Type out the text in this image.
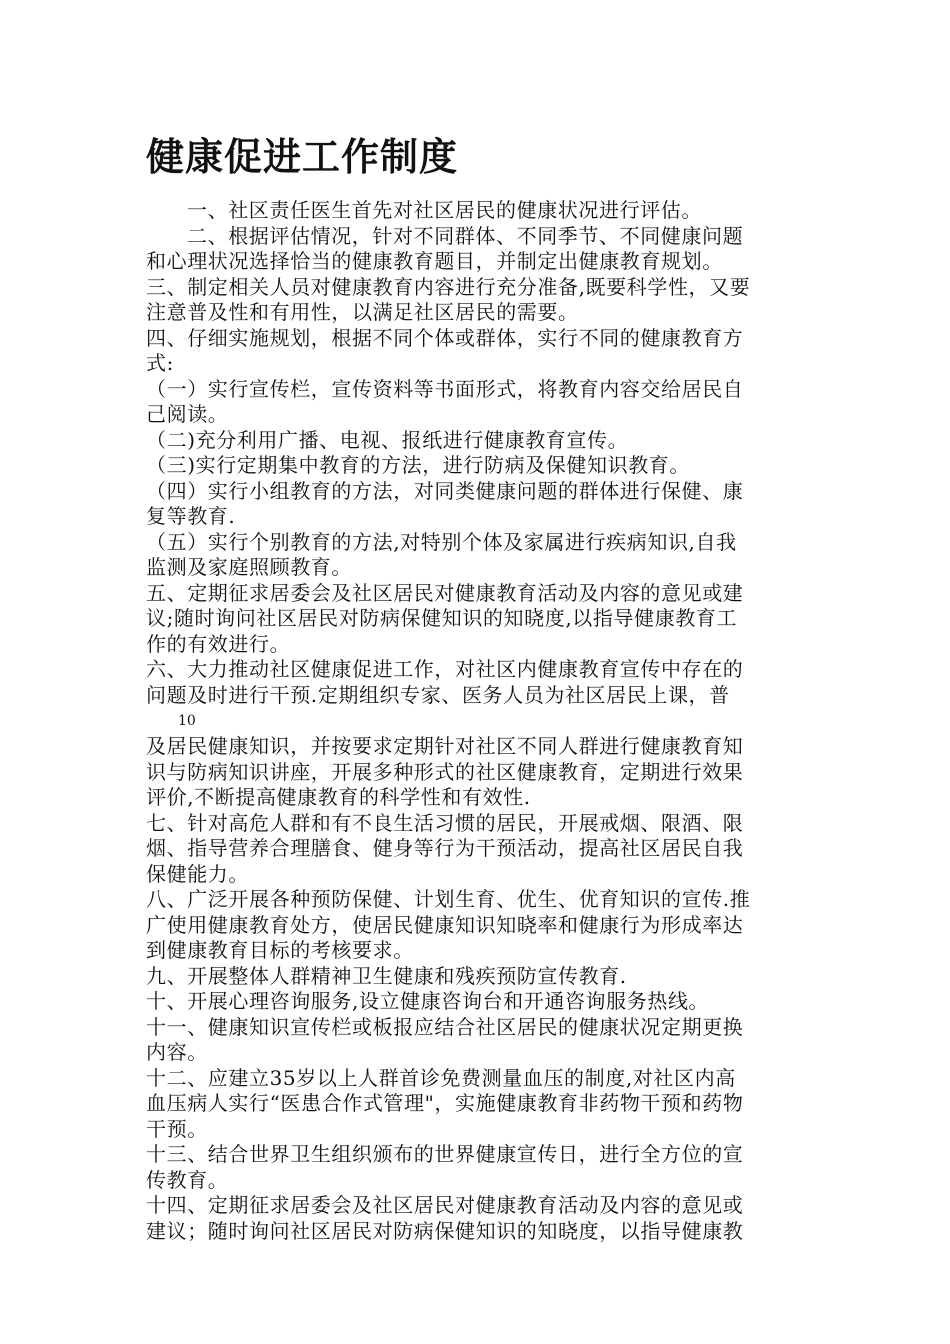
健康促进工作制度
一、社区责任医生首先对社区居民的健康状况进行评估。
二、根据评估情况，针对不同群体、不同季节、不同健康问题
和心理状况选择恰当的健康教育题目，并制定出健康教育规划。
三、制定相关人员对健康教育内容进行充分准备,既要科学性，又要
注意普及性和有用性，以满足社区居民的需要。
四、仔细实施规划，根据不同个体或群体，实行不同的健康教育方
式:
（一）实行宣传栏，宣传资料等书面形式，将教育内容交给居民自
己阅读。
（二)充分利用广播、电视、报纸进行健康教育宣传。
（三)实行定期集中教育的方法，进行防病及保健知识教育。
（四）实行小组教育的方法，对同类健康问题的群体进行保健、康
复等教育.
（五）实行个别教育的方法,对特别个体及家属进行疾病知识,自我
监测及家庭照顾教育。
五、定期征求居委会及社区居民对健康教育活动及内容的意见或建
议;随时询问社区居民对防病保健知识的知晓度,以指导健康教育工
作的有效进行。
六、大力推动社区健康促进工作，对社区内健康教育宣传中存在的
问题及时进行干预.定期组织专家、医务人员为社区居民上课，普
10
及居民健康知识，并按要求定期针对社区不同人群进行健康教育知
识与防病知识讲座，开展多种形式的社区健康教育，定期进行效果
评价,不断提高健康教育的科学性和有效性.
七、针对高危人群和有不良生活习惯的居民，开展戒烟、限酒、限
烟、指导营养合理膳食、健身等行为干预活动，提高社区居民自我
保健能力。
八、广泛开展各种预防保健、计划生育、优生、优育知识的宣传.推
广使用健康教育处方，使居民健康知识知晓率和健康行为形成率达
到健康教育目标的考核要求。
九、开展整体人群精神卫生健康和残疾预防宣传教育.
十、开展心理咨询服务,设立健康咨询台和开通咨询服务热线。
十一、健康知识宣传栏或板报应结合社区居民的健康状况定期更换
内容。
十二、应建立35岁以上人群首诊免费测量血压的制度,对社区内高
血压病人实行“医患合作式管理"，实施健康教育非药物干预和药物
干预。
十三、结合世界卫生组织颁布的世界健康宣传日，进行全方位的宣
传教育。
十四、定期征求居委会及社区居民对健康教育活动及内容的意见或
建议；随时询问社区居民对防病保健知识的知晓度，以指导健康教
